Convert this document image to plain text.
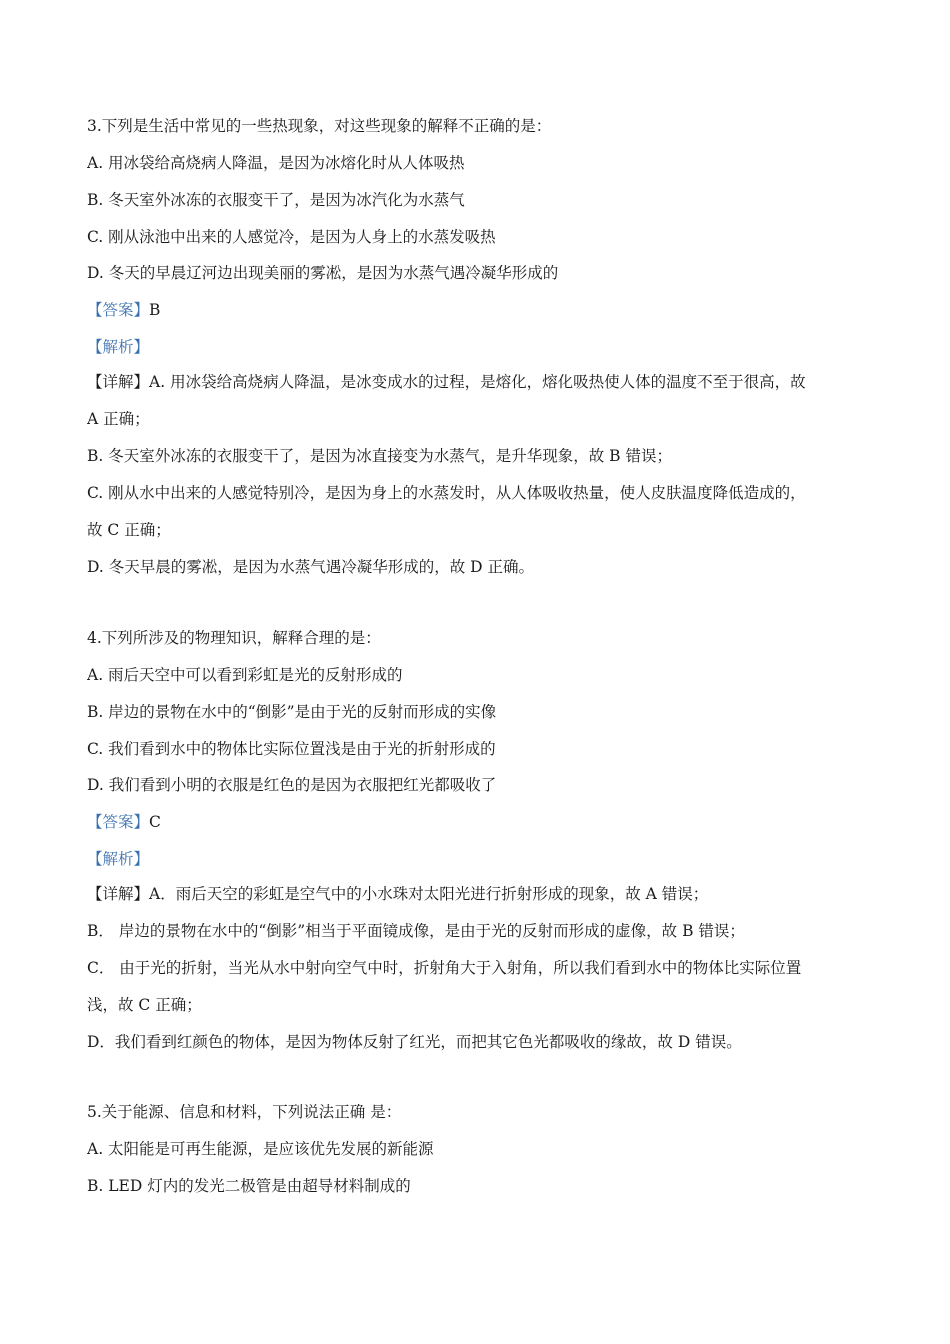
3.下列是生活中常见的一些热现象，对这些现象的解释不正确的是：
A. 用冰袋给高烧病人降温，是因为冰熔化时从人体吸热
B. 冬天室外冰冻的衣服变干了，是因为冰汽化为水蒸气
C. 刚从泳池中出来的人感觉冷，是因为人身上的水蒸发吸热
D. 冬天的早晨辽河边出现美丽的雾凇，是因为水蒸气遇冷凝华形成的
【答案】B
【解析】
【详解】A. 用冰袋给高烧病人降温，是冰变成水的过程，是熔化，熔化吸热使人体的温度不至于很高，故
A 正确；
B. 冬天室外冰冻的衣服变干了，是因为冰直接变为水蒸气，是升华现象，故 B 错误；
C. 刚从水中出来的人感觉特别冷，是因为身上的水蒸发时，从人体吸收热量，使人皮肤温度降低造成的，
故 C 正确；
D. 冬天早晨的雾凇，是因为水蒸气遇冷凝华形成的，故 D 正确。
4.下列所涉及的物理知识，解释合理的是：
A. 雨后天空中可以看到彩虹是光的反射形成的
B. 岸边的景物在水中的“倒影”是由于光的反射而形成的实像
C. 我们看到水中的物体比实际位置浅是由于光的折射形成的
D. 我们看到小明的衣服是红色的是因为衣服把红光都吸收了
【答案】C
【解析】
【详解】A．雨后天空的彩虹是空气中的小水珠对太阳光进行折射形成的现象，故 A 错误；
B． 岸边的景物在水中的“倒影”相当于平面镜成像，是由于光的反射而形成的虚像，故 B 错误；
C． 由于光的折射，当光从水中射向空气中时，折射角大于入射角，所以我们看到水中的物体比实际位置
浅，故 C 正确；
D．我们看到红颜色的物体，是因为物体反射了红光，而把其它色光都吸收的缘故，故 D 错误。
5.关于能源、信息和材料，下列说法正确 是：
A. 太阳能是可再生能源，是应该优先发展的新能源
B. LED 灯内的发光二极管是由超导材料制成的
